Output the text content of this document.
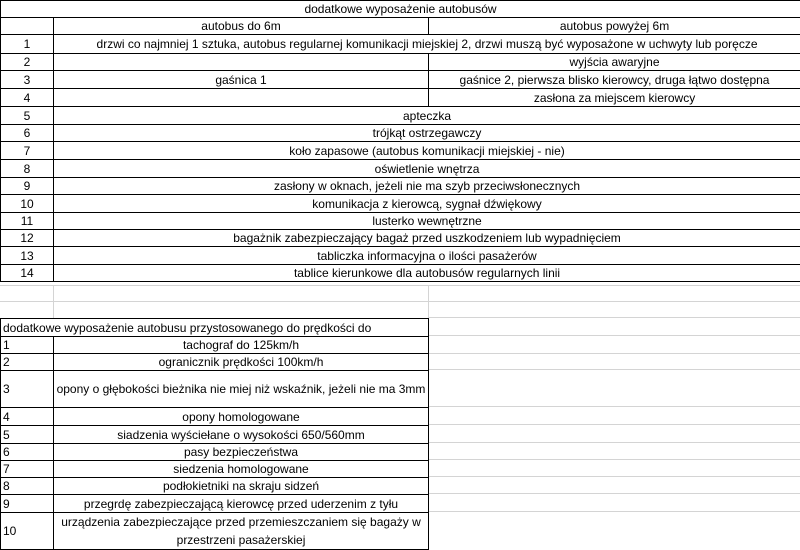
dodatkowe wyposażenie autobusów		
	autobus do 6m	autobus powyżej 6m
1	drzwi co najmniej 1 sztuka, autobus regularnej komunikacji miejskiej 2, drzwi muszą być wyposażone w uchwyty lub poręcze	
2		wyjścia awaryjne
3	gaśnica 1	gaśnice 2, pierwsza blisko kierowcy, druga łątwo dostępna
4		zasłona za miejscem kierowcy
5	apteczka	
6	trójkąt ostrzegawczy	
7	koło zapasowe (autobus komunikacji miejskiej - nie)	
8	oświetlenie wnętrza	
9	zasłony w oknach, jeżeli nie ma szyb przeciwsłonecznych	
10	komunikacja z kierowcą, sygnał dźwiękowy	
11	lusterko wewnętrzne	
12	bagażnik zabezpieczający bagaż przed uszkodzeniem lub wypadnięciem	
13	tabliczka informacyjna o ilości pasażerów	
14	tablice kierunkowe dla autobusów regularnych linii	
dodatkowe wyposażenie autobusu przystosowanego do prędkości do	
1	tachograf do 125km/h
2	ogranicznik prędkości 100km/h
3	opony o głębokości bieżnika nie miej niż wskaźnik, jeżeli nie ma 3mm
4	opony homologowane
5	siadzenia wyściełane o wysokości 650/560mm
6	pasy bezpieczeństwa
7	siedzenia homologowane
8	podłokietniki na skraju sidzeń
9	przegrdę zabezpieczającą kierowcę przed uderzenim z tyłu
10	urządzenia zabezpieczające przed przemieszczaniem się bagaży w przestrzeni pasażerskiej
